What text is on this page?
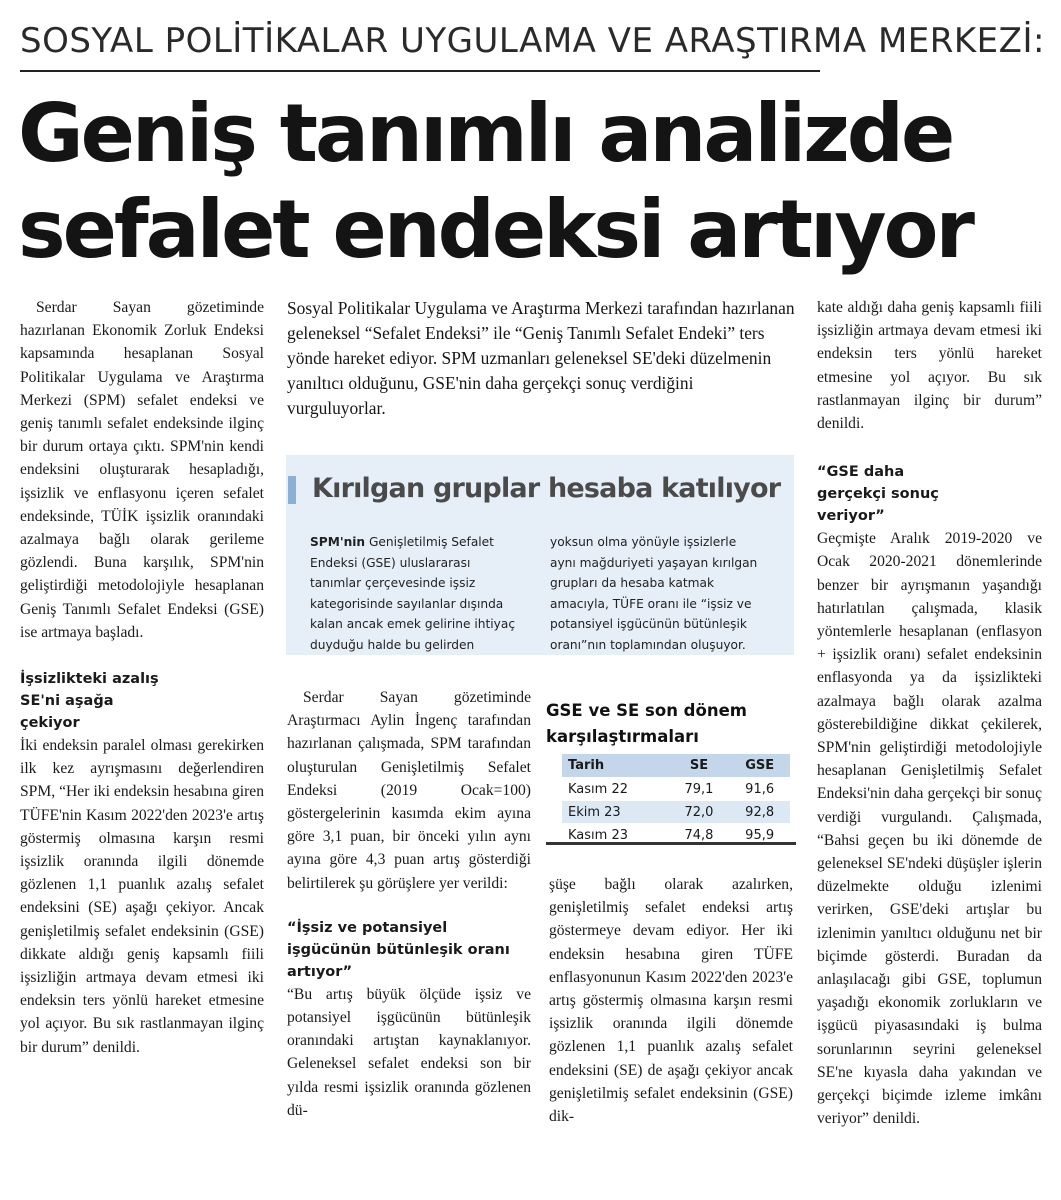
SOSYAL POLİTİKALAR UYGULAMA VE ARAŞTIRMA MERKEZİ:
Geniş tanımlı analizde
sefalet endeksi artıyor

Serdar Sayan gözetiminde hazırlanan Ekonomik Zorluk Endeksi kapsamında hesaplanan Sosyal Politikalar Uygulama ve Araştırma Merkezi (SPM) sefalet endeksi ve geniş tanımlı sefalet endeksinde ilginç bir durum ortaya çıktı. SPM'nin kendi endeksini oluşturarak hesapladığı, işsizlik ve enflasyonu içeren sefalet endeksinde, TÜİK işsizlik oranındaki azalmaya bağlı olarak gerileme gözlendi. Buna karşılık, SPM'nin geliştirdiği metodolojiyle hesaplanan Geniş Tanımlı Sefalet Endeksi (GSE) ise artmaya başladı.

İşsizlikteki azalış SE'ni aşağa çekiyor

İki endeksin paralel olması gerekirken ilk kez ayrışmasını değerlendiren SPM, “Her iki endeksin hesabına giren TÜFE'nin Kasım 2022'den 2023'e artış göstermiş olmasına karşın resmi işsizlik oranında ilgili dönemde gözlenen 1,1 puanlık azalış sefalet endeksini (SE) aşağı çekiyor. Ancak genişletilmiş sefalet endeksinin (GSE) dikkate aldığı geniş kapsamlı fiili işsizliğin artmaya devam etmesi iki endeksin ters yönlü hareket etmesine yol açıyor. Bu sık rastlanmayan ilginç bir durum” denildi.

Sosyal Politikalar Uygulama ve Araştırma Merkezi tarafından hazırlanan geleneksel “Sefalet Endeksi” ile “Geniş Tanımlı Sefalet Endeki” ters yönde hareket ediyor. SPM uzmanları geleneksel SE'deki düzelmenin yanıltıcı olduğunu, GSE'nin daha gerçekçi sonuç verdiğini vurguluyorlar.
Kırılgan gruplar hesaba katılıyor
SPM'nin Genişletilmiş Sefalet Endeksi (GSE) uluslararası tanımlar çerçevesinde işsiz kategorisinde sayılanlar dışında kalan ancak emek gelirine ihtiyaç duyduğu halde bu gelirden
yoksun olma yönüyle işsizlerle aynı mağduriyeti yaşayan kırılgan grupları da hesaba katmak amacıyla, TÜFE oranı ile “işsiz ve potansiyel işgücünün bütünleşik oranı”nın toplamından oluşuyor.

Serdar Sayan gözetiminde Araştırmacı Aylin İngenç tarafından hazırlanan çalışmada, SPM tarafından oluşturulan Genişletilmiş Sefalet Endeksi (2019 Ocak=100) göstergelerinin kasımda ekim ayına göre 3,1 puan, bir önceki yılın aynı ayına göre 4,3 puan artış gösterdiği belirtilerek şu görüşlere yer verildi:

“İşsiz ve potansiyel işgücünün bütünleşik oranı artıyor”

“Bu artış büyük ölçüde işsiz ve potansiyel işgücünün bütünleşik oranındaki artıştan kaynaklanıyor. Geleneksel sefalet endeksi son bir yılda resmi işsizlik oranında gözlenen dü-

GSE ve SE son dönem karşılaştırmaları
Tarih	SE	GSE
Kasım 22	79,1	91,6
Ekim 23	72,0	92,8
Kasım 23	74,8	95,9

şüşe bağlı olarak azalırken, genişletilmiş sefalet endeksi artış göstermeye devam ediyor. Her iki endeksin hesabına giren TÜFE enflasyonunun Kasım 2022'den 2023'e artış göstermiş olmasına karşın resmi işsizlik oranında ilgili dönemde gözlenen 1,1 puanlık azalış sefalet endeksini (SE) de aşağı çekiyor ancak genişletilmiş sefalet endeksinin (GSE) dik-

kate aldığı daha geniş kapsamlı fiili işsizliğin artmaya devam etmesi iki endeksin ters yönlü hareket etmesine yol açıyor. Bu sık rastlanmayan ilginç bir durum” denildi.

“GSE daha gerçekçi sonuç veriyor”

Geçmişte Aralık 2019-2020 ve Ocak 2020-2021 dönemlerinde benzer bir ayrışmanın yaşandığı hatırlatılan çalışmada, klasik yöntemlerle hesaplanan (enflasyon + işsizlik oranı) sefalet endeksinin enflasyonda ya da işsizlikteki azalmaya bağlı olarak azalma gösterebildiğine dikkat çekilerek, SPM'nin geliştirdiği metodolojiyle hesaplanan Genişletilmiş Sefalet Endeksi'nin daha gerçekçi bir sonuç verdiği vurgulandı. Çalışmada, “Bahsi geçen bu iki dönemde de geleneksel SE'ndeki düşüşler işlerin düzelmekte olduğu izlenimi verirken, GSE'deki artışlar bu izlenimin yanıltıcı olduğunu net bir biçimde gösterdi. Buradan da anlaşılacağı gibi GSE, toplumun yaşadığı ekonomik zorlukların ve işgücü piyasasındaki iş bulma sorunlarının seyrini geleneksel SE'ne kıyasla daha yakından ve gerçekçi biçimde izleme imkânı veriyor” denildi.
